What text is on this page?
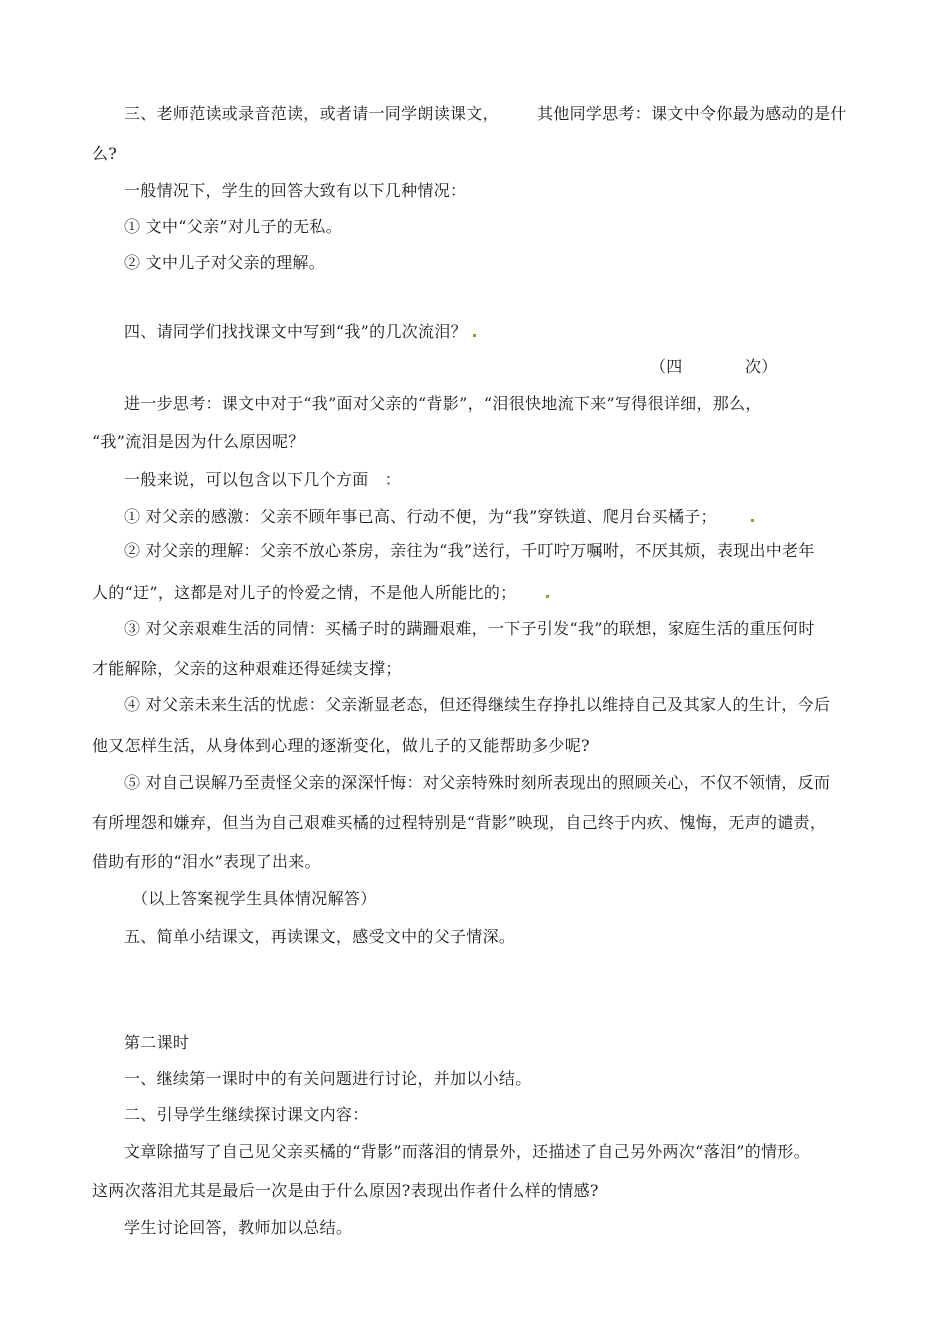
三、老师范读或录音范读，或者请一同学朗读课文， 其他同学思考：课文中令你最为感动的是什
么?
一般情况下，学生的回答大致有以下几种情况：
① 文中“父亲”对儿子的无私。
② 文中儿子对父亲的理解。
四、请同学们找找课文中写到“我”的几次流泪？
（四	次）
进一步思考：课文中对于“我”面对父亲的“背影”，“泪很快地流下来”写得很详细，那么，
“我”流泪是因为什么原因呢？
一般来说，可以包含以下几个方面　：
① 对父亲的感激：父亲不顾年事已高、行动不便，为“我”穿铁道、爬月台买橘子；
② 对父亲的理解：父亲不放心茶房，亲往为“我”送行，千叮咛万嘱咐，不厌其烦，表现出中老年
人的“迂”，这都是对儿子的怜爱之情，不是他人所能比的；
③ 对父亲艰难生活的同情：买橘子时的蹒跚艰难，一下子引发“我”的联想，家庭生活的重压何时
才能解除，父亲的这种艰难还得延续支撑；
④ 对父亲未来生活的忧虑：父亲渐显老态，但还得继续生存挣扎以维持自己及其家人的生计，今后
他又怎样生活，从身体到心理的逐渐变化，做儿子的又能帮助多少呢?
⑤ 对自己误解乃至责怪父亲的深深忏悔：对父亲特殊时刻所表现出的照顾关心，不仅不领情，反而
有所埋怨和嫌弃，但当为自己艰难买橘的过程特别是“背影”映现，自己终于内疚、愧悔，无声的谴责，
借助有形的“泪水”表现了出来。
（以上答案视学生具体情况解答）
五、简单小结课文，再读课文，感受文中的父子情深。
第二课时
一、继续第一课时中的有关问题进行讨论，并加以小结。
二、引导学生继续探讨课文内容：
文章除描写了自己见父亲买橘的“背影”而落泪的情景外，还描述了自己另外两次“落泪”的情形。
这两次落泪尤其是最后一次是由于什么原因?表现出作者什么样的情感?
学生讨论回答，教师加以总结。
